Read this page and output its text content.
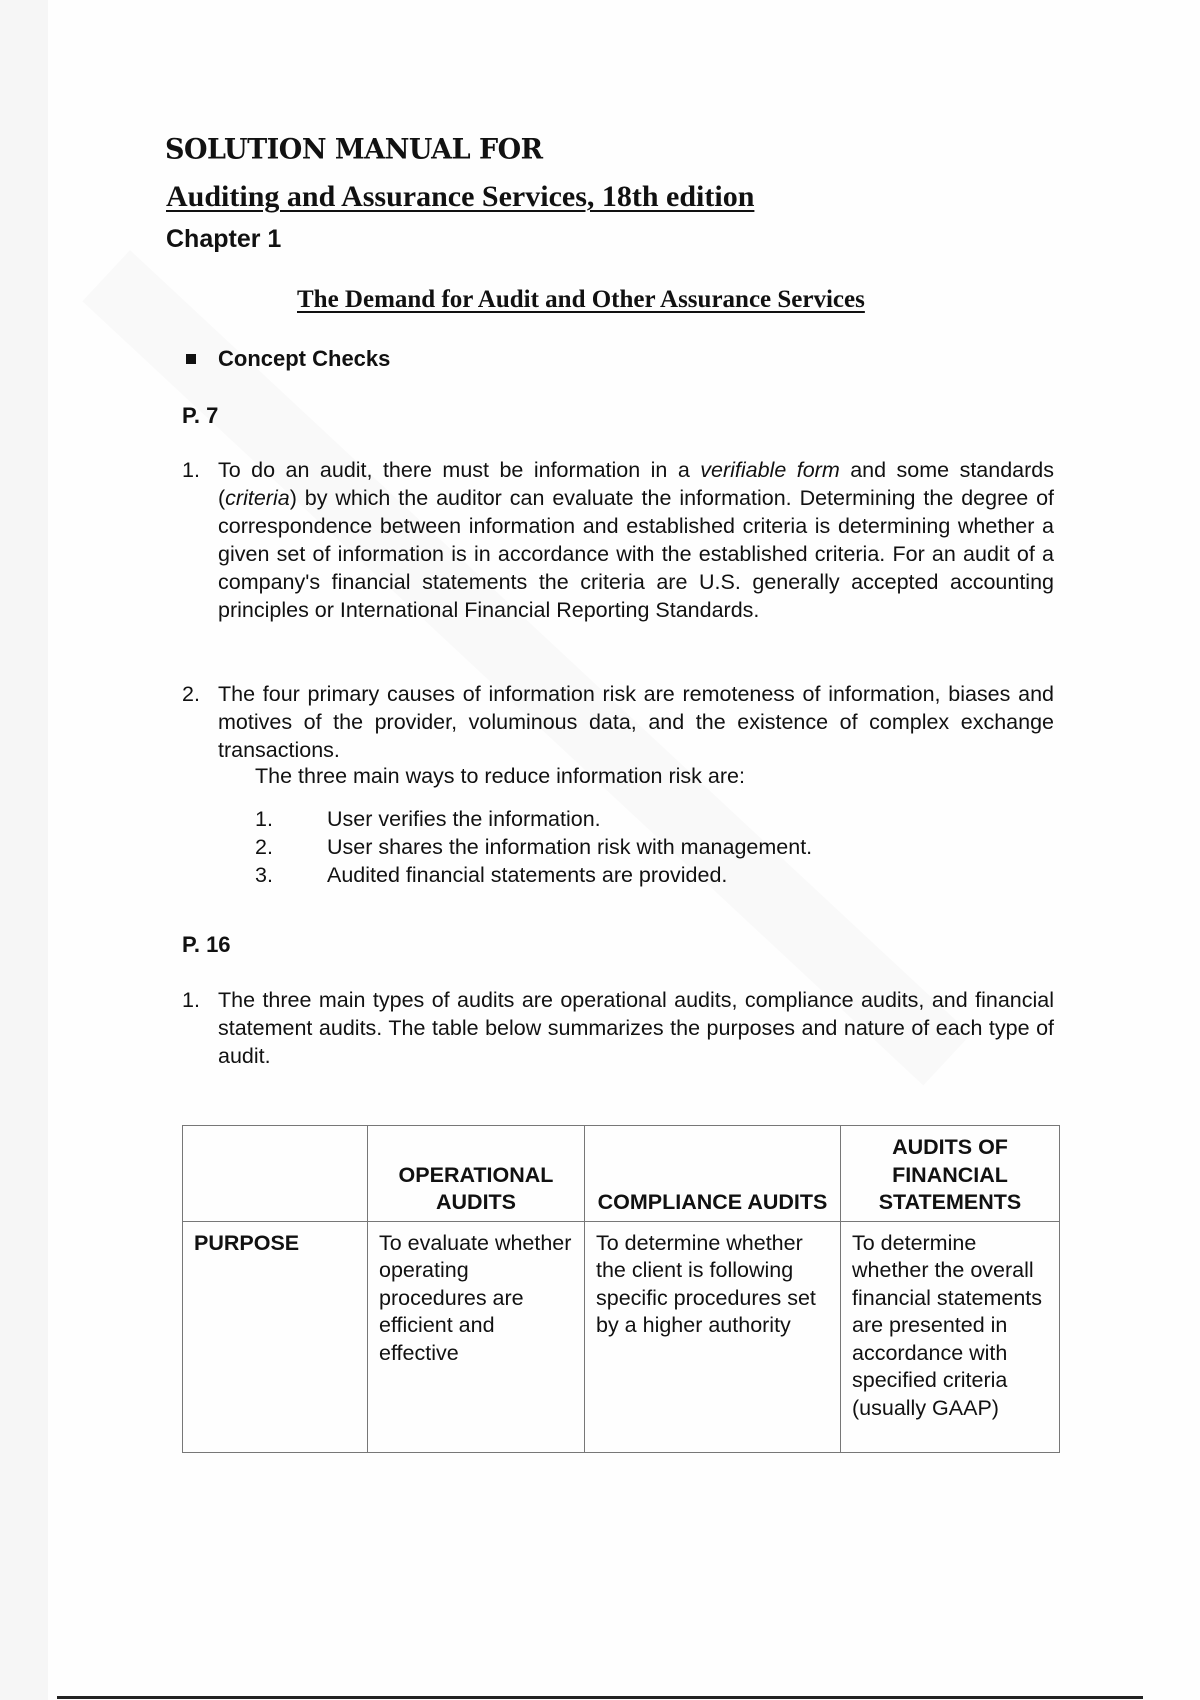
SOLUTION MANUAL FOR
Auditing and Assurance Services, 18th edition
Chapter 1
The Demand for Audit and Other Assurance Services
Concept Checks
P. 7
1. To do an audit, there must be information in a verifiable form and some standards (criteria) by which the auditor can evaluate the information. Determining the degree of correspondence between information and established criteria is determining whether a given set of information is in accordance with the established criteria. For an audit of a company's financial statements the criteria are U.S. generally accepted accounting principles or International Financial Reporting Standards.
2. The four primary causes of information risk are remoteness of information, biases and motives of the provider, voluminous data, and the existence of complex exchange transactions.
The three main ways to reduce information risk are:
1.	User verifies the information.
2.	User shares the information risk with management.
3.	Audited financial statements are provided.
P. 16
1. The three main types of audits are operational audits, compliance audits, and financial statement audits. The table below summarizes the purposes and nature of each type of audit.
	OPERATIONAL AUDITS	COMPLIANCE AUDITS	AUDITS OF FINANCIAL STATEMENTS
PURPOSE	To evaluate whether operating procedures are efficient and effective	To determine whether the client is following specific procedures set by a higher authority	To determine whether the overall financial statements are presented in accordance with specified criteria (usually GAAP)
